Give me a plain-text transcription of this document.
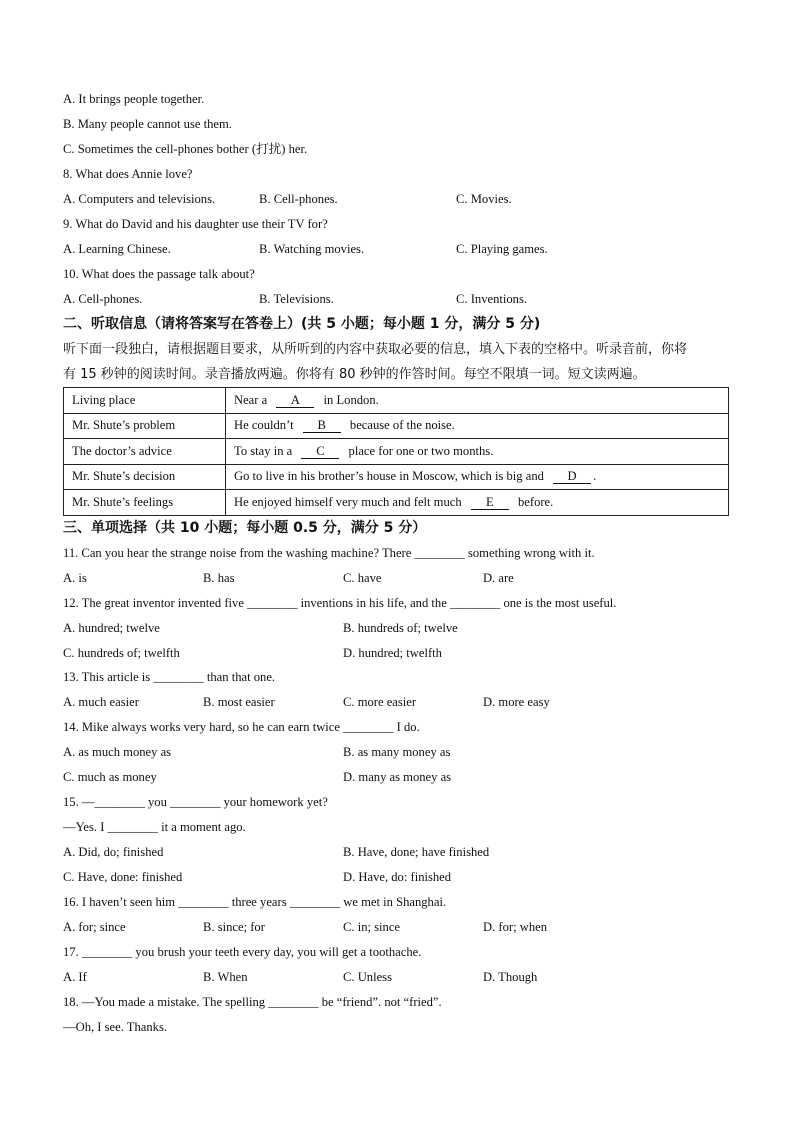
A. It brings people together.
B. Many people cannot use them.
C. Sometimes the cell-phones bother (打扰) her.
8. What does Annie love?
A. Computers and televisions.	B. Cell-phones.	C. Movies.
9. What do David and his daughter use their TV for?
A. Learning Chinese.	B. Watching movies.	C. Playing games.
10. What does the passage talk about?
A. Cell-phones.	B. Televisions.	C. Inventions.
二、听取信息（请将答案写在答卷上）(共 5 小题；每小题 1 分，满分 5 分)
听下面一段独白，请根据题目要求，从所听到的内容中获取必要的信息，填入下表的空格中。听录音前，你将
有 15 秒钟的阅读时间。录音播放两遍。你将有 80 秒钟的作答时间。每空不限填一词。短文读两遍。
Living place	Near a A in London.
Mr. Shute’s problem	He couldn’t B because of the noise.
The doctor’s advice	To stay in a C place for one or two months.
Mr. Shute’s decision	Go to live in his brother’s house in Moscow, which is big and D .
Mr. Shute’s feelings	He enjoyed himself very much and felt much E before.
三、单项选择（共 10 小题；每小题 0.5 分，满分 5 分）
11. Can you hear the strange noise from the washing machine? There ________ something wrong with it.
A. is	B. has	C. have	D. are
12. The great inventor invented five ________ inventions in his life, and the ________ one is the most useful.
A. hundred; twelve	B. hundreds of; twelve
C. hundreds of; twelfth	D. hundred; twelfth
13. This article is ________ than that one.
A. much easier	B. most easier	C. more easier	D. more easy
14. Mike always works very hard, so he can earn twice ________ I do.
A. as much money as	B. as many money as
C. much as money	D. many as money as
15. —________ you ________ your homework yet?
—Yes. I ________ it a moment ago.
A. Did, do; finished	B. Have, done; have finished
C. Have, done: finished	D. Have, do: finished
16. I haven’t seen him ________ three years ________ we met in Shanghai.
A. for; since	B. since; for	C. in; since	D. for; when
17. ________ you brush your teeth every day, you will get a toothache.
A. If	B. When	C. Unless	D. Though
18. —You made a mistake. The spelling ________ be “friend”. not “fried”.
—Oh, I see. Thanks.
